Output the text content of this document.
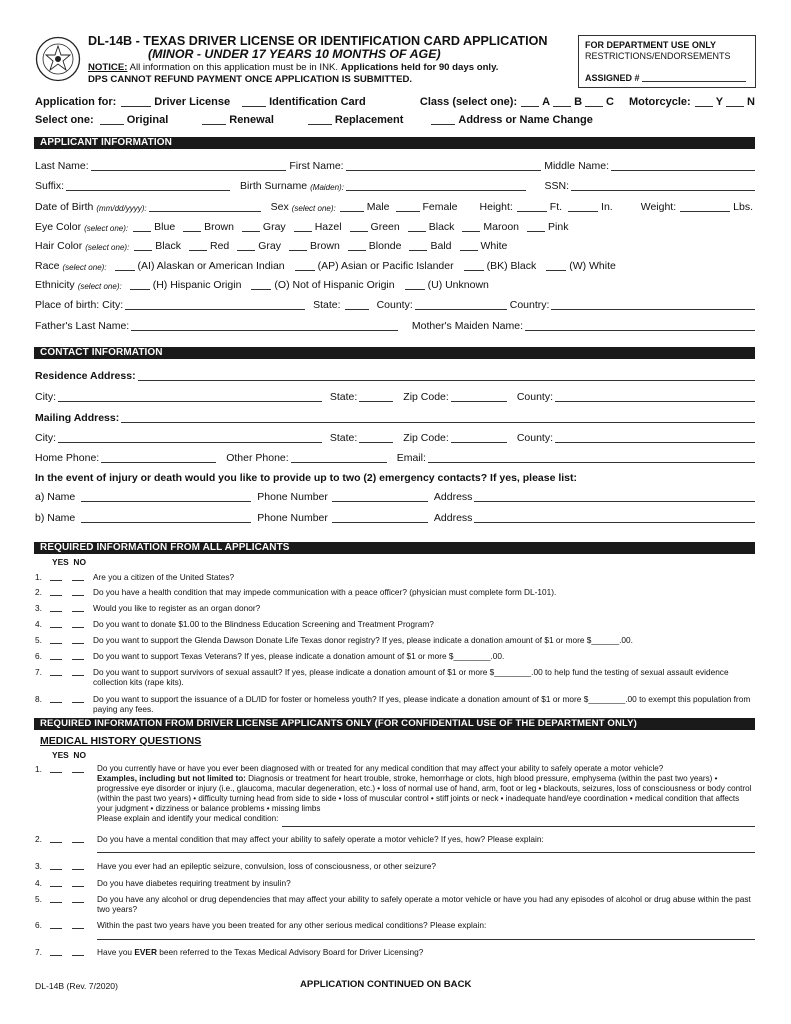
DL-14B - TEXAS DRIVER LICENSE OR IDENTIFICATION CARD APPLICATION
(MINOR - UNDER 17 YEARS 10 MONTHS OF AGE)
NOTICE: All information on this application must be in INK. Applications held for 90 days only.
DPS CANNOT REFUND PAYMENT ONCE APPLICATION IS SUBMITTED.
FOR DEPARTMENT USE ONLY
RESTRICTIONS/ENDORSEMENTS
ASSIGNED #
Application for:	Driver License	Identification Card	Class (select one): A B C Motorcycle: Y N
Select one:	Original	Renewal	Replacement	Address or Name Change
APPLICANT INFORMATION
Last Name:	First Name:	Middle Name:
Suffix:	Birth Surname (Maiden):	SSN:
Date of Birth (mm/dd/yyyy):	Sex (select one):	Male	Female Height:	Ft.	In.	Weight:	Lbs.
Eye Color (select one): Blue	Brown	Gray	Hazel	Green	Black	Maroon	Pink
Hair Color (select one): Black	Red	Gray	Brown	Blonde	Bald	White
Race (select one):	(AI) Alaskan or American Indian	(AP) Asian or Pacific Islander	(BK) Black	(W) White
Ethnicity (select one):	(H) Hispanic Origin	(O) Not of Hispanic Origin	(U) Unknown
Place of birth: City:	State:	County:	Country:
Father's Last Name:	Mother's Maiden Name:
CONTACT INFORMATION
Residence Address:
City:	State:	Zip Code:	County:
Mailing Address:
City:	State:	Zip Code:	County:
Home Phone:	Other Phone:	Email:
In the event of injury or death would you like to provide up to two (2) emergency contacts? If yes, please list:
a) Name	Phone Number	Address
b) Name	Phone Number	Address
REQUIRED INFORMATION FROM ALL APPLICANTS
YES NO
1.	Are you a citizen of the United States?
2.	Do you have a health condition that may impede communication with a peace officer? (physician must complete form DL-101).
3.	Would you like to register as an organ donor?
4.	Do you want to donate $1.00 to the Blindness Education Screening and Treatment Program?
5.	Do you want to support the Glenda Dawson Donate Life Texas donor registry? If yes, please indicate a donation amount of $1 or more $______.00.
6.	Do you want to support Texas Veterans? If yes, please indicate a donation amount of $1 or more $________.00.
7.	Do you want to support survivors of sexual assault? If yes, please indicate a donation amount of $1 or more $________.00 to help fund the testing of sexual assault evidence collection kits (rape kits).
8.	Do you want to support the issuance of a DL/ID for foster or homeless youth? If yes, please indicate a donation amount of $1 or more $________.00 to exempt this population from paying any fees.
REQUIRED INFORMATION FROM DRIVER LICENSE APPLICANTS ONLY (FOR CONFIDENTIAL USE OF THE DEPARTMENT ONLY)
MEDICAL HISTORY QUESTIONS
YES NO
1.	Do you currently have or have you ever been diagnosed with or treated for any medical condition that may affect your ability to safely operate a motor vehicle?
Examples, including but not limited to: Diagnosis or treatment for heart trouble, stroke, hemorrhage or clots, high blood pressure, emphysema (within the past two years) • progressive eye disorder or injury (i.e., glaucoma, macular degeneration, etc.) • loss of normal use of hand, arm, foot or leg • blackouts, seizures, loss of consciousness or body control (within the past two years) • difficulty turning head from side to side • loss of muscular control • stiff joints or neck • inadequate hand/eye coordination • medical condition that affects your judgment • dizziness or balance problems • missing limbs
Please explain and identify your medical condition:
2.	Do you have a mental condition that may affect your ability to safely operate a motor vehicle? If yes, how? Please explain:
3.	Have you ever had an epileptic seizure, convulsion, loss of consciousness, or other seizure?
4.	Do you have diabetes requiring treatment by insulin?
5.	Do you have any alcohol or drug dependencies that may affect your ability to safely operate a motor vehicle or have you had any episodes of alcohol or drug abuse within the past two years?
6.	Within the past two years have you been treated for any other serious medical conditions? Please explain:
7.	Have you EVER been referred to the Texas Medical Advisory Board for Driver Licensing?
DL-14B (Rev. 7/2020)	APPLICATION CONTINUED ON BACK
